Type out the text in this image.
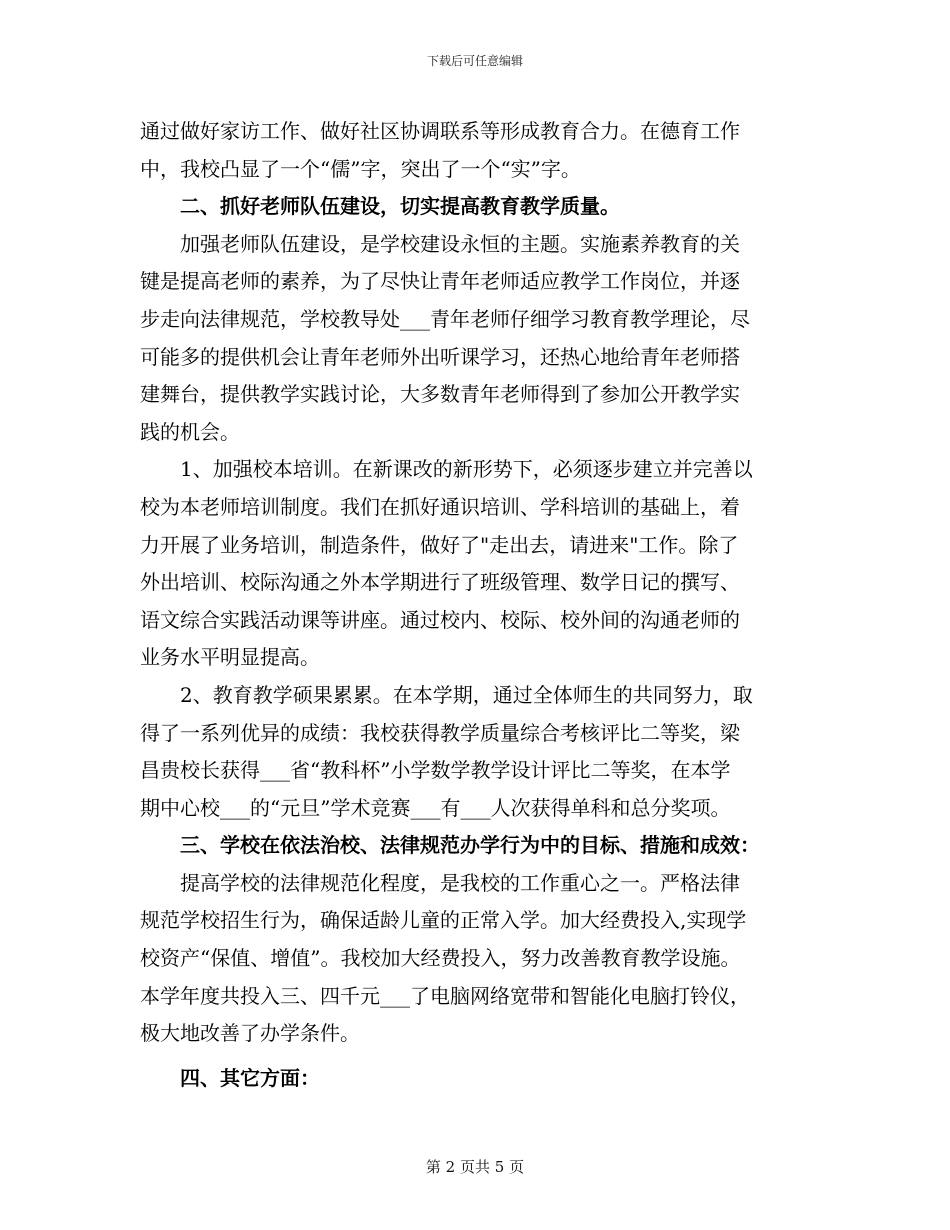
下载后可任意编辑
通过做好家访工作、做好社区协调联系等形成教育合力。在德育工作
中，我校凸显了一个“儒”字，突出了一个“实”字。
二、抓好老师队伍建设，切实提高教育教学质量。
加强老师队伍建设，是学校建设永恒的主题。实施素养教育的关
键是提高老师的素养，为了尽快让青年老师适应教学工作岗位，并逐
步走向法律规范，学校教导处___青年老师仔细学习教育教学理论，尽
可能多的提供机会让青年老师外出听课学习，还热心地给青年老师搭
建舞台，提供教学实践讨论，大多数青年老师得到了参加公开教学实
践的机会。
1、加强校本培训。在新课改的新形势下，必须逐步建立并完善以
校为本老师培训制度。我们在抓好通识培训、学科培训的基础上，着
力开展了业务培训，制造条件，做好了"走出去，请进来"工作。除了
外出培训、校际沟通之外本学期进行了班级管理、数学日记的撰写、
语文综合实践活动课等讲座。通过校内、校际、校外间的沟通老师的
业务水平明显提高。
2、教育教学硕果累累。在本学期，通过全体师生的共同努力，取
得了一系列优异的成绩：我校获得教学质量综合考核评比二等奖，梁
昌贵校长获得___省“教科杯”小学数学教学设计评比二等奖，在本学
期中心校___的“元旦”学术竞赛___有___人次获得单科和总分奖项。
三、学校在依法治校、法律规范办学行为中的目标、措施和成效：
提高学校的法律规范化程度，是我校的工作重心之一。严格法律
规范学校招生行为，确保适龄儿童的正常入学。加大经费投入,实现学
校资产“保值、增值”。我校加大经费投入，努力改善教育教学设施。
本学年度共投入三、四千元___了电脑网络宽带和智能化电脑打铃仪，
极大地改善了办学条件。
四、其它方面：
第 2 页共 5 页
